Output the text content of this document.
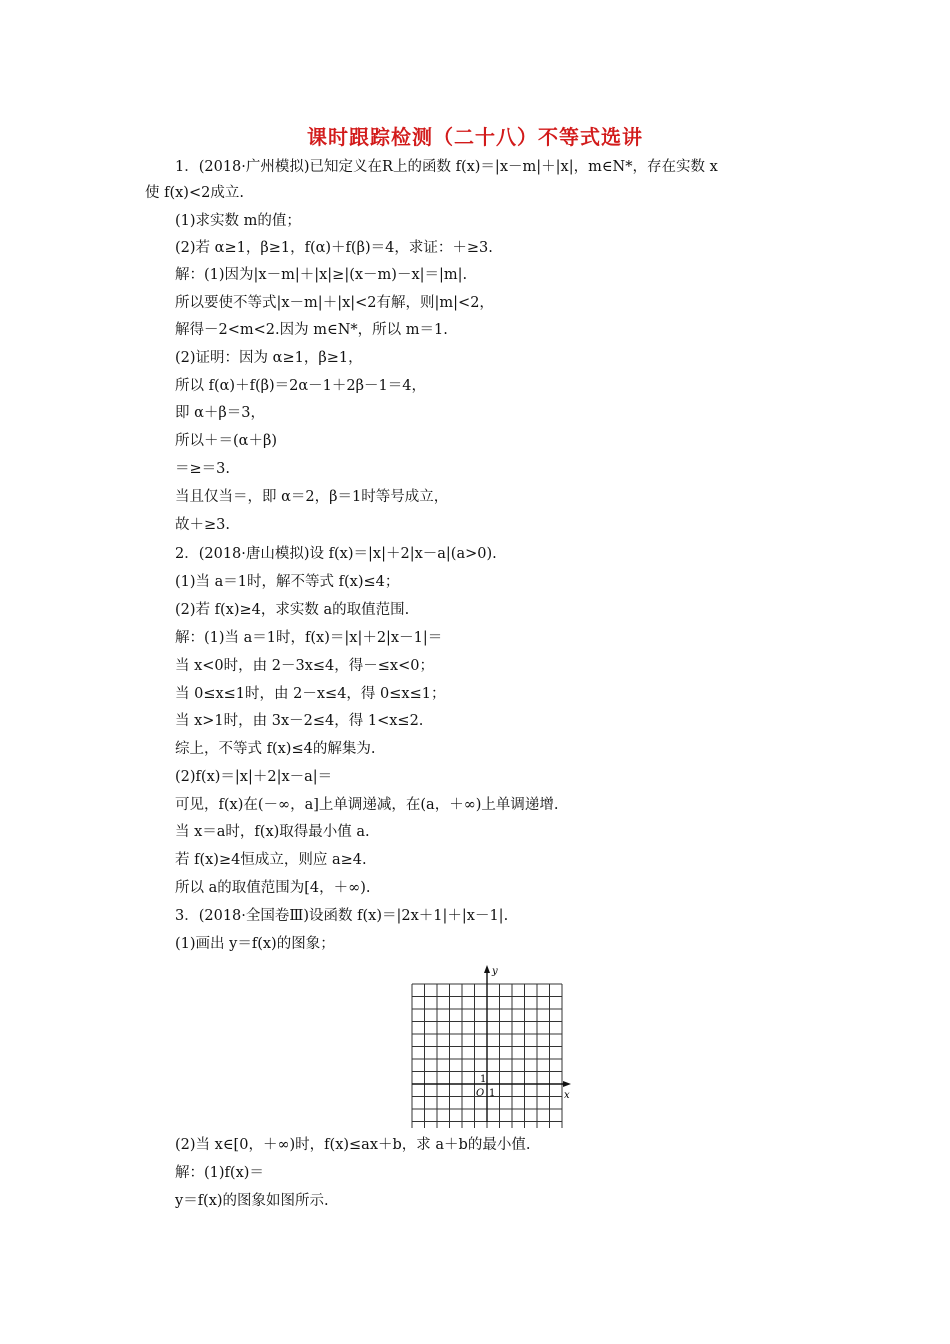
课时跟踪检测（二十八）不等式选讲
1．(2018·广州模拟)已知定义在R上的函数 f(x)＝|x－m|＋|x|，m∈N*，存在实数 x
使 f(x)<2成立.
(1)求实数 m的值；
(2)若 α≥1，β≥1，f(α)＋f(β)＝4，求证：＋≥3.
解：(1)因为|x－m|＋|x|≥|(x－m)－x|＝|m|.
所以要使不等式|x－m|＋|x|<2有解，则|m|<2，
解得－2<m<2.因为 m∈N*，所以 m＝1.
(2)证明：因为 α≥1，β≥1，
所以 f(α)＋f(β)＝2α－1＋2β－1＝4，
即 α＋β＝3，
所以＋＝(α＋β)
＝≥＝3.
当且仅当＝，即 α＝2，β＝1时等号成立，
故＋≥3.
2．(2018·唐山模拟)设 f(x)＝|x|＋2|x－a|(a>0).
(1)当 a＝1时，解不等式 f(x)≤4；
(2)若 f(x)≥4，求实数 a的取值范围.
解：(1)当 a＝1时，f(x)＝|x|＋2|x－1|＝
当 x<0时，由 2－3x≤4，得－≤x<0；
当 0≤x≤1时，由 2－x≤4，得 0≤x≤1；
当 x>1时，由 3x－2≤4，得 1<x≤2.
综上，不等式 f(x)≤4的解集为.
(2)f(x)＝|x|＋2|x－a|＝
可见，f(x)在(－∞，a]上单调递减，在(a，＋∞)上单调递增.
当 x＝a时，f(x)取得最小值 a.
若 f(x)≥4恒成立，则应 a≥4.
所以 a的取值范围为[4，＋∞).
3．(2018·全国卷Ⅲ)设函数 f(x)＝|2x＋1|＋|x－1|.
(1)画出 y＝f(x)的图象；
y
x
O 1
1
(2)当 x∈[0，＋∞)时，f(x)≤ax＋b，求 a＋b的最小值.
解：(1)f(x)＝
y＝f(x)的图象如图所示.
